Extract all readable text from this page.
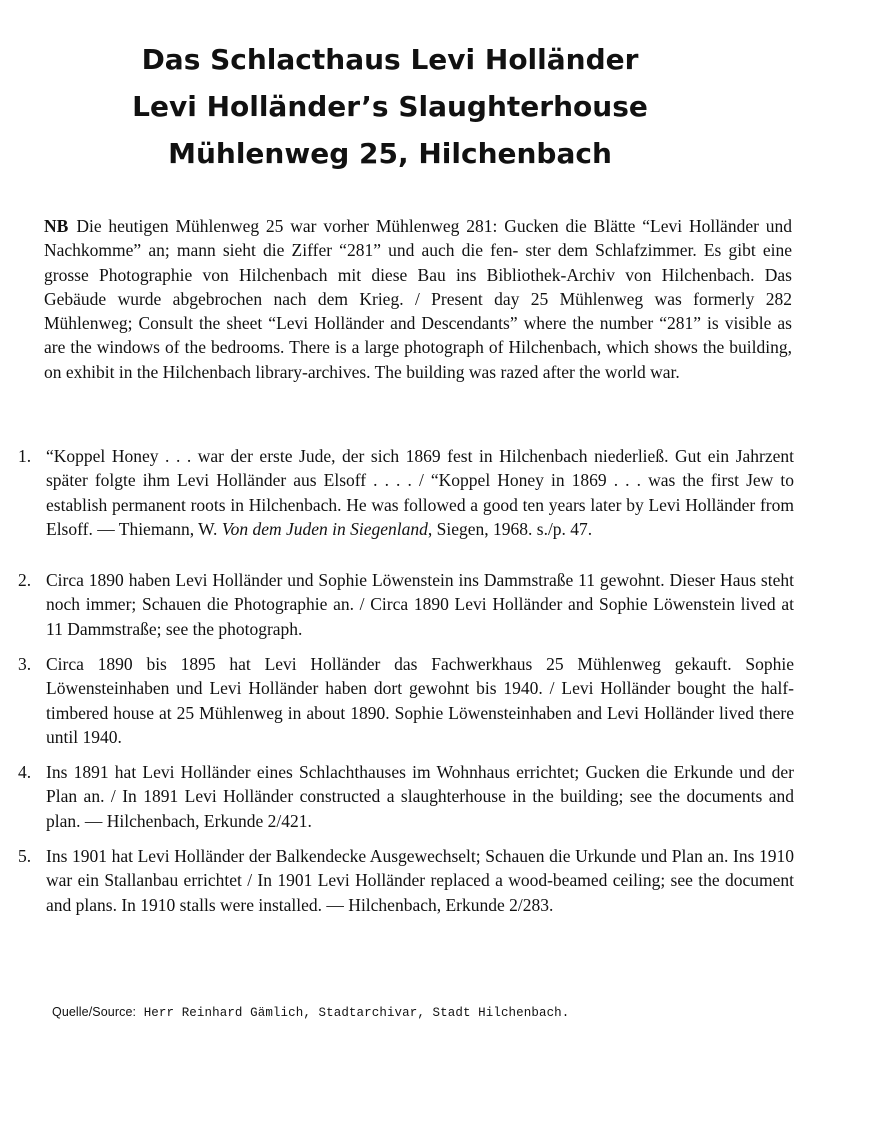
Das Schlacthaus Levi Holländer
Levi Holländer’s Slaughterhouse
Mühlenweg 25, Hilchenbach
NB Die heutigen Mühlenweg 25 war vorher Mühlenweg 281: Gucken die Blätte “Levi Holländer und Nachkomme” an; mann sieht die Ziffer “281” und auch die fen- ster dem Schlafzimmer. Es gibt eine grosse Photographie von Hilchenbach mit diese Bau ins Bibliothek-Archiv von Hilchenbach. Das Gebäude wurde abgebrochen nach dem Krieg. / Present day 25 Mühlenweg was formerly 282 Mühlenweg; Consult the sheet “Levi Holländer and Descendants” where the number “281” is visible as are the windows of the bedrooms. There is a large photograph of Hilchenbach, which shows the building, on exhibit in the Hilchenbach library-archives. The building was razed after the world war.
1. “Koppel Honey . . . war der erste Jude, der sich 1869 fest in Hilchenbach niederließ. Gut ein Jahrzent später folgte ihm Levi Holländer aus Elsoff . . . . / “Koppel Honey in 1869 . . . was the first Jew to establish permanent roots in Hilchenbach. He was followed a good ten years later by Levi Holländer from Elsoff. — Thiemann, W. Von dem Juden in Siegenland, Siegen, 1968. s./p. 47.
2. Circa 1890 haben Levi Holländer und Sophie Löwenstein ins Dammstraße 11 gewohnt. Dieser Haus steht noch immer; Schauen die Photographie an. / Circa 1890 Levi Holländer and Sophie Löwenstein lived at 11 Dammstraße; see the photograph.
3. Circa 1890 bis 1895 hat Levi Holländer das Fachwerkhaus 25 Mühlenweg gekauft. Sophie Löwensteinhaben und Levi Holländer haben dort gewohnt bis 1940. / Levi Holländer bought the half-timbered house at 25 Mühlenweg in about 1890. Sophie Löwensteinhaben and Levi Holländer lived there until 1940.
4. Ins 1891 hat Levi Holländer eines Schlachthauses im Wohnhaus errichtet; Gucken die Erkunde und der Plan an. / In 1891 Levi Holländer constructed a slaughterhouse in the building; see the documents and plan. — Hilchenbach, Erkunde 2/421.
5. Ins 1901 hat Levi Holländer der Balkendecke Ausgewechselt; Schauen die Urkunde und Plan an. Ins 1910 war ein Stallanbau errichtet / In 1901 Levi Holländer replaced a wood-beamed ceiling; see the document and plans. In 1910 stalls were installed. — Hilchenbach, Erkunde 2/283.
Quelle/Source: Herr Reinhard Gämlich, Stadtarchivar, Stadt Hilchenbach.
